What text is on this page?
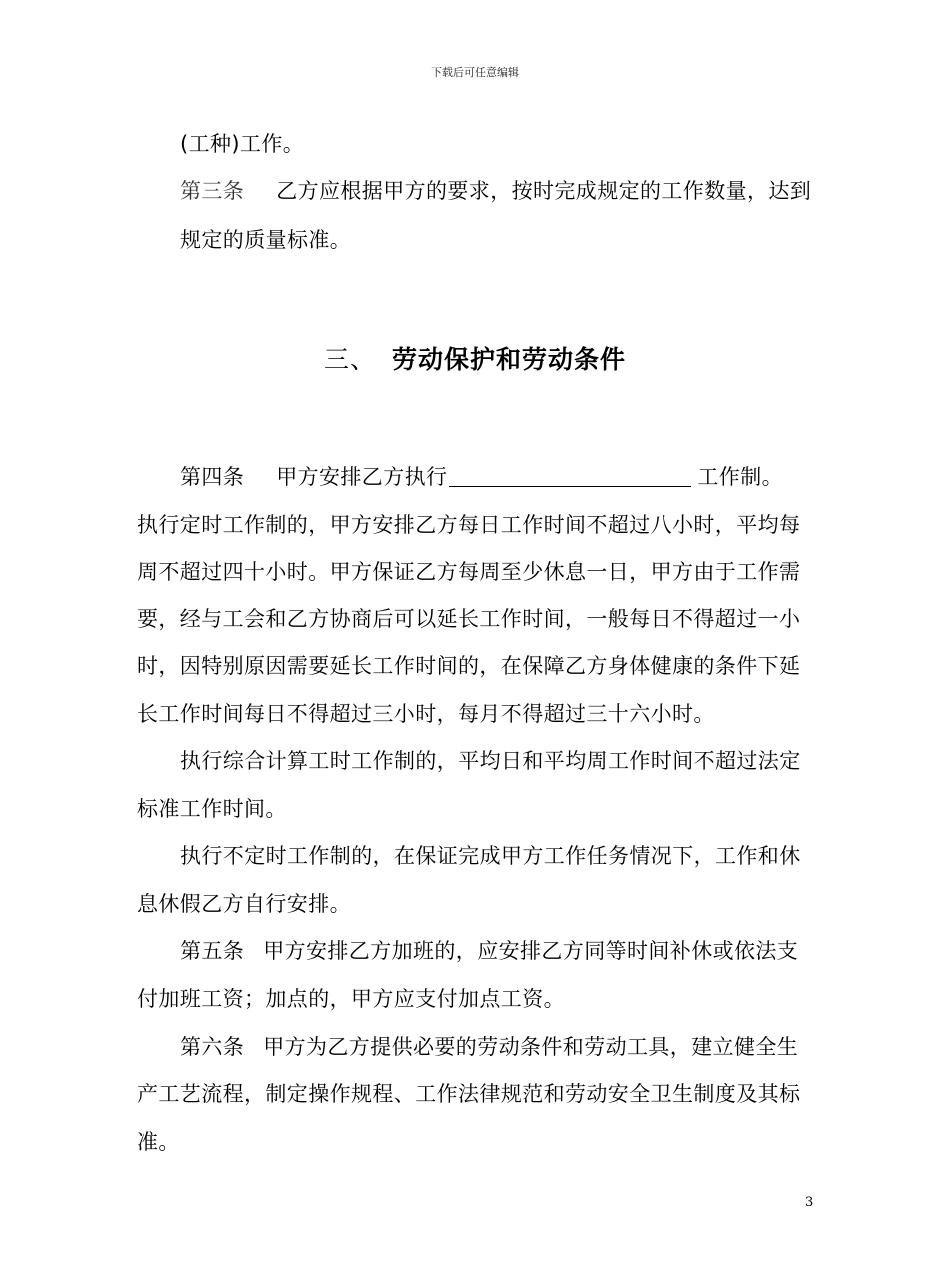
下载后可任意编辑
(工种)工作。
第三条 乙方应根据甲方的要求，按时完成规定的工作数量，达到
规定的质量标准。
三、 劳动保护和劳动条件
第四条 甲方安排乙方执行	工作制。
执行定时工作制的，甲方安排乙方每日工作时间不超过八小时，平均每
周不超过四十小时。甲方保证乙方每周至少休息一日，甲方由于工作需
要，经与工会和乙方协商后可以延长工作时间，一般每日不得超过一小
时，因特别原因需要延长工作时间的，在保障乙方身体健康的条件下延
长工作时间每日不得超过三小时，每月不得超过三十六小时。
执行综合计算工时工作制的，平均日和平均周工作时间不超过法定
标准工作时间。
执行不定时工作制的，在保证完成甲方工作任务情况下，工作和休
息休假乙方自行安排。
第五条 甲方安排乙方加班的，应安排乙方同等时间补休或依法支
付加班工资；加点的，甲方应支付加点工资。
第六条 甲方为乙方提供必要的劳动条件和劳动工具，建立健全生
产工艺流程，制定操作规程、工作法律规范和劳动安全卫生制度及其标
准。
3
